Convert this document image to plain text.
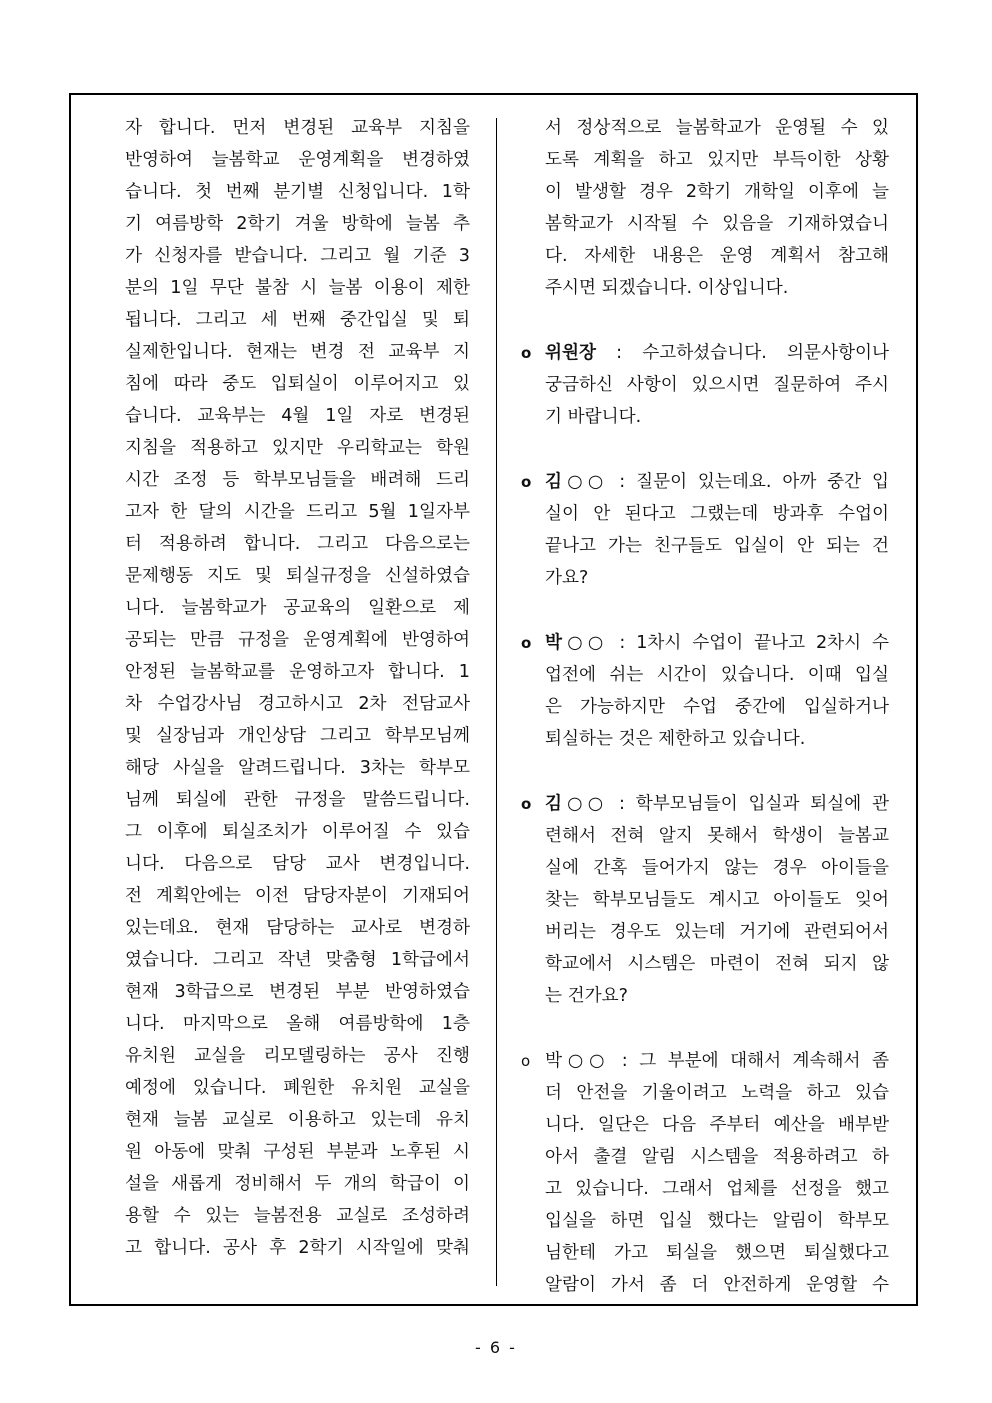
자 합니다. 먼저 변경된 교육부 지침을
반영하여 늘봄학교 운영계획을 변경하였
습니다. 첫 번째 분기별 신청입니다. 1학
기 여름방학 2학기 겨울 방학에 늘봄 추
가 신청자를 받습니다. 그리고 월 기준 3
분의 1일 무단 불참 시 늘봄 이용이 제한
됩니다. 그리고 세 번째 중간입실 및 퇴
실제한입니다. 현재는 변경 전 교육부 지
침에 따라 중도 입퇴실이 이루어지고 있
습니다. 교육부는 4월 1일 자로 변경된
지침을 적용하고 있지만 우리학교는 학원
시간 조정 등 학부모님들을 배려해 드리
고자 한 달의 시간을 드리고 5월 1일자부
터 적용하려 합니다. 그리고 다음으로는
문제행동 지도 및 퇴실규정을 신설하였습
니다. 늘봄학교가 공교육의 일환으로 제
공되는 만큼 규정을 운영계획에 반영하여
안정된 늘봄학교를 운영하고자 합니다. 1
차 수업강사님 경고하시고 2차 전담교사
및 실장님과 개인상담 그리고 학부모님께
해당 사실을 알려드립니다. 3차는 학부모
님께 퇴실에 관한 규정을 말씀드립니다.
그 이후에 퇴실조치가 이루어질 수 있습
니다. 다음으로 담당 교사 변경입니다.
전 계획안에는 이전 담당자분이 기재되어
있는데요. 현재 담당하는 교사로 변경하
였습니다. 그리고 작년 맞춤형 1학급에서
현재 3학급으로 변경된 부분 반영하였습
니다. 마지막으로 올해 여름방학에 1층
유치원 교실을 리모델링하는 공사 진행
예정에 있습니다. 폐원한 유치원 교실을
현재 늘봄 교실로 이용하고 있는데 유치
원 아동에 맞춰 구성된 부분과 노후된 시
설을 새롭게 정비해서 두 개의 학급이 이
용할 수 있는 늘봄전용 교실로 조성하려
고 합니다. 공사 후 2학기 시작일에 맞춰
서 정상적으로 늘봄학교가 운영될 수 있
도록 계획을 하고 있지만 부득이한 상황
이 발생할 경우 2학기 개학일 이후에 늘
봄학교가 시작될 수 있음을 기재하였습니
다. 자세한 내용은 운영 계획서 참고해
주시면 되겠습니다. 이상입니다.
o 위원장 : 수고하셨습니다. 의문사항이나
궁금하신 사항이 있으시면 질문하여 주시
기 바랍니다.
o 김○○ : 질문이 있는데요. 아까 중간 입
실이 안 된다고 그랬는데 방과후 수업이
끝나고 가는 친구들도 입실이 안 되는 건
가요?
o 박○○ : 1차시 수업이 끝나고 2차시 수
업전에 쉬는 시간이 있습니다. 이때 입실
은 가능하지만 수업 중간에 입실하거나
퇴실하는 것은 제한하고 있습니다.
o 김○○ : 학부모님들이 입실과 퇴실에 관
련해서 전혀 알지 못해서 학생이 늘봄교
실에 간혹 들어가지 않는 경우 아이들을
찾는 학부모님들도 계시고 아이들도 잊어
버리는 경우도 있는데 거기에 관련되어서
학교에서 시스템은 마련이 전혀 되지 않
는 건가요?
o 박○○ : 그 부분에 대해서 계속해서 좀
더 안전을 기울이려고 노력을 하고 있습
니다. 일단은 다음 주부터 예산을 배부받
아서 출결 알림 시스템을 적용하려고 하
고 있습니다. 그래서 업체를 선정을 했고
입실을 하면 입실 했다는 알림이 학부모
님한테 가고 퇴실을 했으면 퇴실했다고
알람이 가서 좀 더 안전하게 운영할 수
- 6 -
